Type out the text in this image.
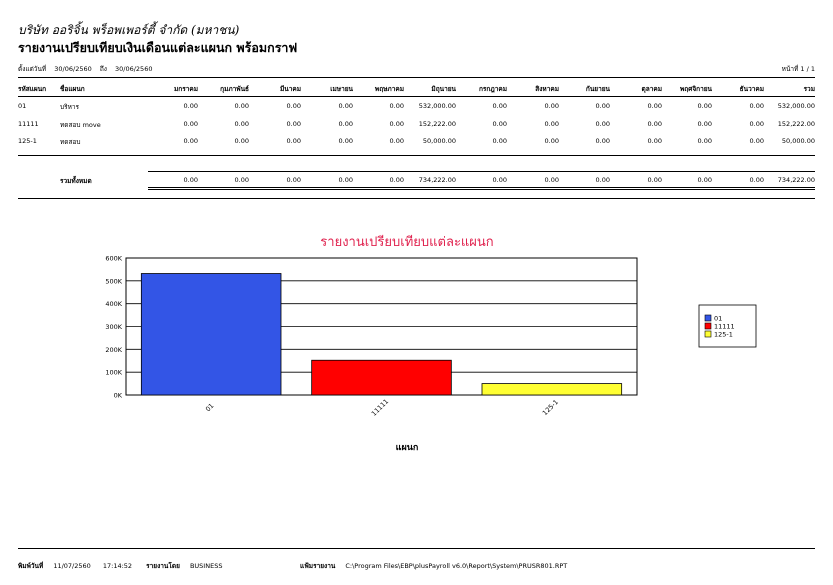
บริษัท ออริจิ้น พร็อพเพอร์ตี้ จำกัด (มหาชน)
รายงานเปรียบเทียบเงินเดือนแต่ละแผนก พร้อมกราฟ
ตั้งแต่วันที่ 30/06/2560 ถึง 30/06/2560	หน้าที่ 1 / 1
รหัสแผนก ชื่อแผนก	มกราคม	กุมภาพันธ์	มีนาคม	เมษายน	พฤษภาคม	มิถุนายน	กรกฎาคม	สิงหาคม	กันยายน	ตุลาคม	พฤศจิกายน	ธันวาคม	รวม
01	บริหาร	0.00	0.00	0.00	0.00	0.00 532,000.00	0.00	0.00	0.00	0.00	0.00	0.00 532,000.00
11111	ทดสอบ move	0.00	0.00	0.00	0.00	0.00 152,222.00	0.00	0.00	0.00	0.00	0.00	0.00 152,222.00
125-1	ทดสอบ	0.00	0.00	0.00	0.00	0.00	50,000.00	0.00	0.00	0.00	0.00	0.00	0.00	50,000.00
รวมทั้งหมด	0.00	0.00	0.00	0.00	0.00 734,222.00	0.00	0.00	0.00	0.00	0.00	0.00 734,222.00
รายงานเปรียบเทียบแต่ละแผนก
แผนก
0K
100K
200K
300K
400K
500K
600K
01	11111	125-1
01
11111
125-1
พิมพ์วันที่ 11/07/2560 17:14:52 รายงานโดย BUSINESS	แฟ้มรายงาน C:\Program Files\EBP\plusPayroll v6.0\Report\System\PRUSR801.RPT
